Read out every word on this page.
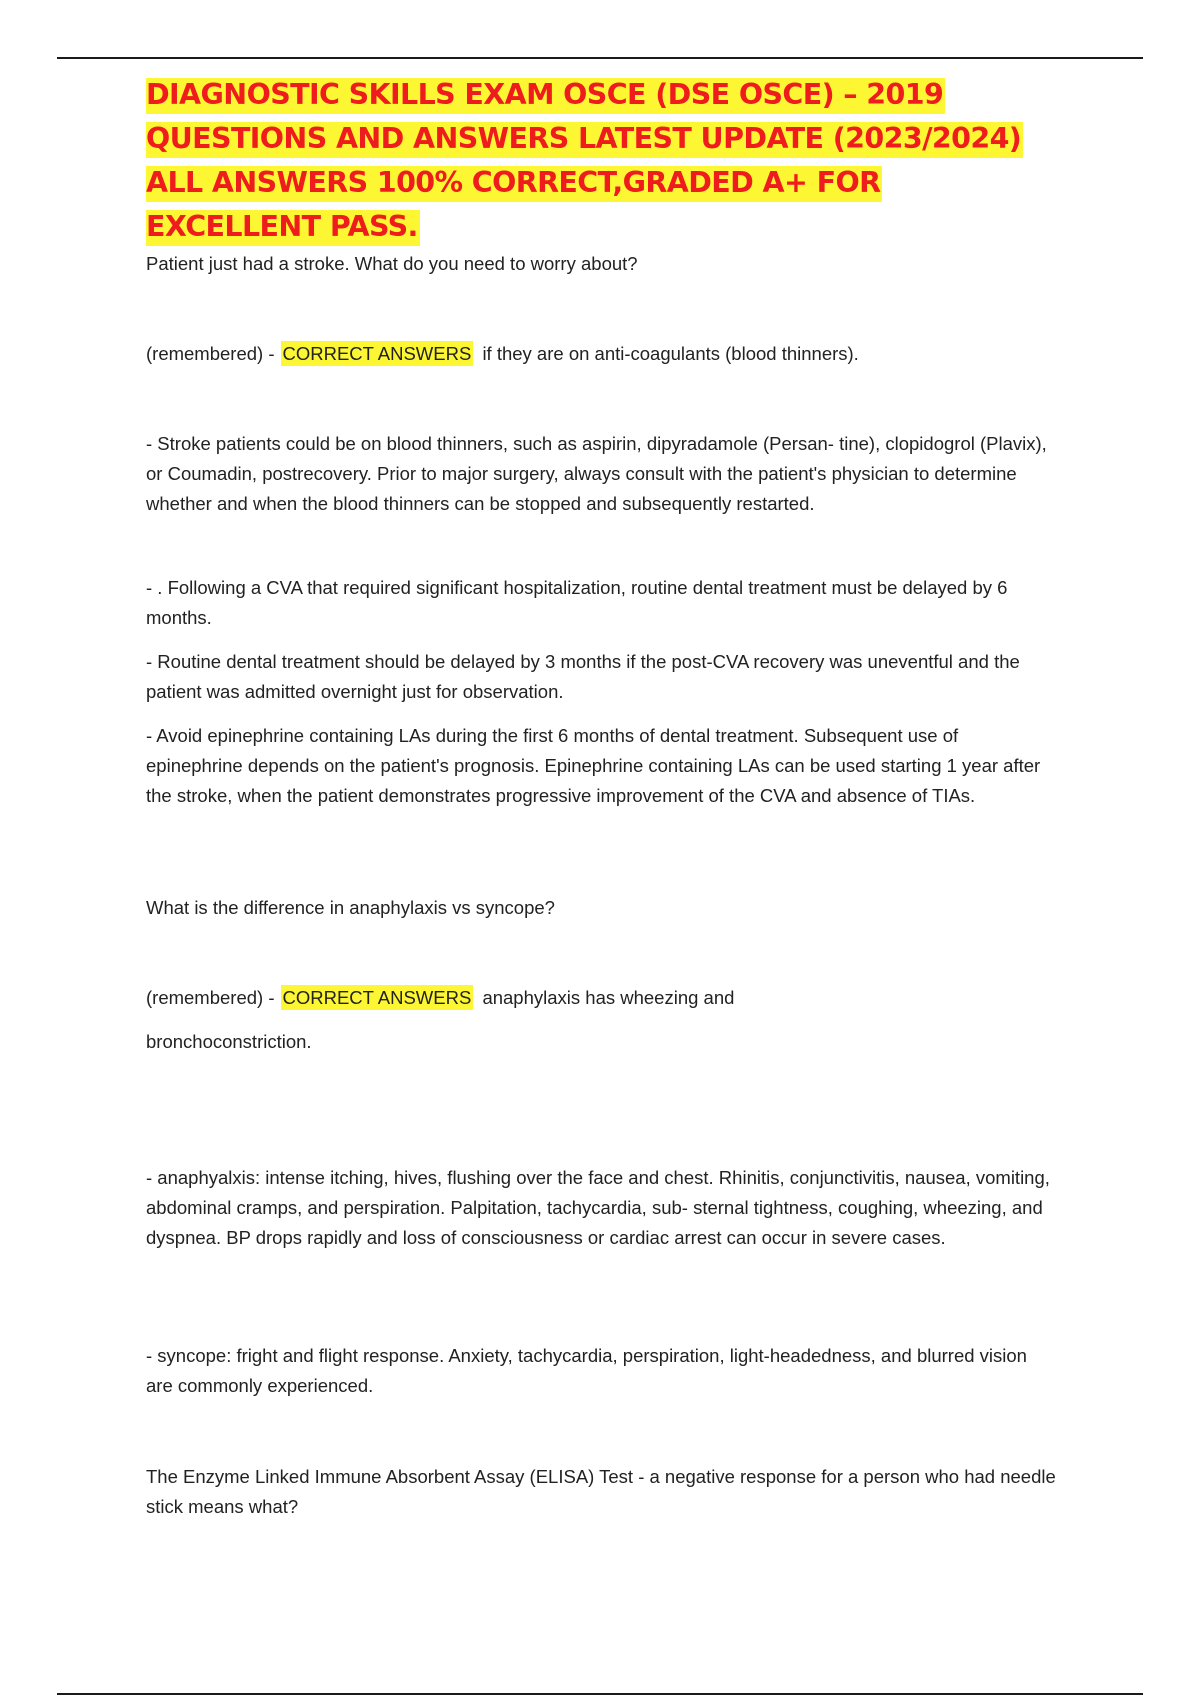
DIAGNOSTIC SKILLS EXAM OSCE (DSE OSCE) – 2019 QUESTIONS AND ANSWERS LATEST UPDATE (2023/2024) ALL ANSWERS 100% CORRECT,GRADED A+ FOR EXCELLENT PASS.

Patient just had a stroke. What do you need to worry about?

(remembered) - CORRECT ANSWERS if they are on anti-coagulants (blood thinners).

- Stroke patients could be on blood thinners, such as aspirin, dipyradamole (Persan- tine), clopidogrol (Plavix), or Coumadin, postrecovery. Prior to major surgery, always consult with the patient's physician to determine whether and when the blood thinners can be stopped and subsequently restarted.

- . Following a CVA that required significant hospitalization, routine dental treatment must be delayed by 6 months.

- Routine dental treatment should be delayed by 3 months if the post-CVA recovery was uneventful and the patient was admitted overnight just for observation.

- Avoid epinephrine containing LAs during the first 6 months of dental treatment. Subsequent use of epinephrine depends on the patient's prognosis. Epinephrine containing LAs can be used starting 1 year after the stroke, when the patient demonstrates progressive improvement of the CVA and absence of TIAs.

What is the difference in anaphylaxis vs syncope?

(remembered) - CORRECT ANSWERS anaphylaxis has wheezing and

bronchoconstriction.

- anaphyalxis: intense itching, hives, flushing over the face and chest. Rhinitis, conjunctivitis, nausea, vomiting, abdominal cramps, and perspiration. Palpitation, tachycardia, sub- sternal tightness, coughing, wheezing, and dyspnea. BP drops rapidly and loss of consciousness or cardiac arrest can occur in severe cases.

- syncope: fright and flight response. Anxiety, tachycardia, perspiration, light-headedness, and blurred vision are commonly experienced.

The Enzyme Linked Immune Absorbent Assay (ELISA) Test - a negative response for a person who had needle stick means what?
